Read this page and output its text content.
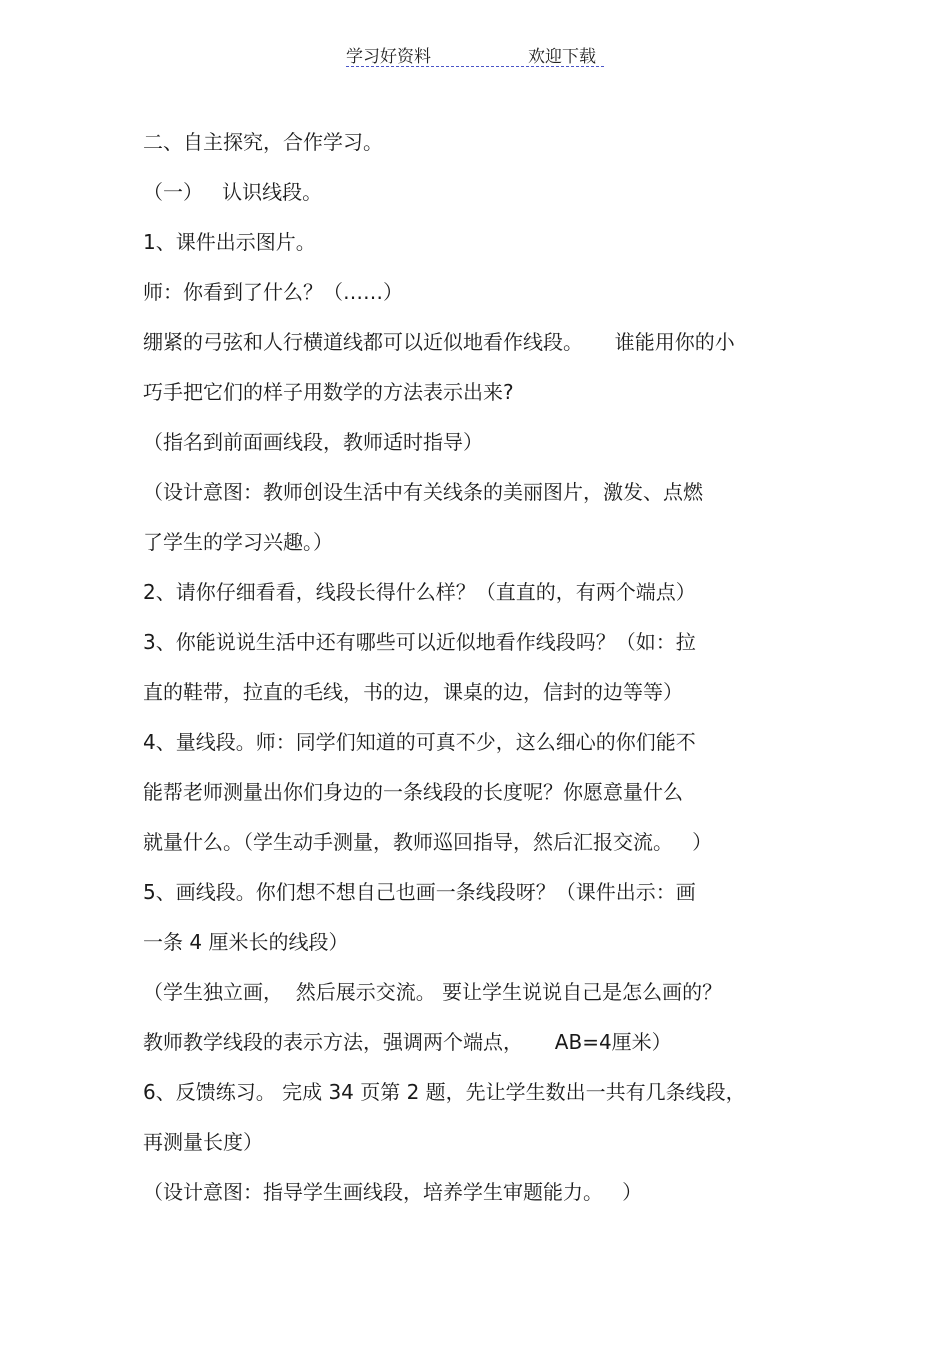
学习好资料	欢迎下载
二、自主探究，合作学习。
（一）   认识线段。
1、课件出示图片。
师：你看到了什么？（……）
绷紧的弓弦和人行横道线都可以近似地看作线段。     谁能用你的小
巧手把它们的样子用数学的方法表示出来?
（指名到前面画线段，教师适时指导）
（设计意图：教师创设生活中有关线条的美丽图片，激发、点燃
了学生的学习兴趣。）
2、请你仔细看看，线段长得什么样？（直直的，有两个端点）
3、你能说说生活中还有哪些可以近似地看作线段吗？（如：拉
直的鞋带，拉直的毛线，书的边，课桌的边，信封的边等等）
4、量线段。师：同学们知道的可真不少，这么细心的你们能不
能帮老师测量出你们身边的一条线段的长度呢？你愿意量什么
就量什么。（学生动手测量，教师巡回指导，然后汇报交流。   ）
5、画线段。你们想不想自己也画一条线段呀？（课件出示：画
一条 4 厘米长的线段）
（学生独立画，  然后展示交流。 要让学生说说自己是怎么画的？
教师教学线段的表示方法，强调两个端点，     AB=4厘米）
6、反馈练习。 完成 34 页第 2 题，先让学生数出一共有几条线段，
再测量长度）
（设计意图：指导学生画线段，培养学生审题能力。   ）
